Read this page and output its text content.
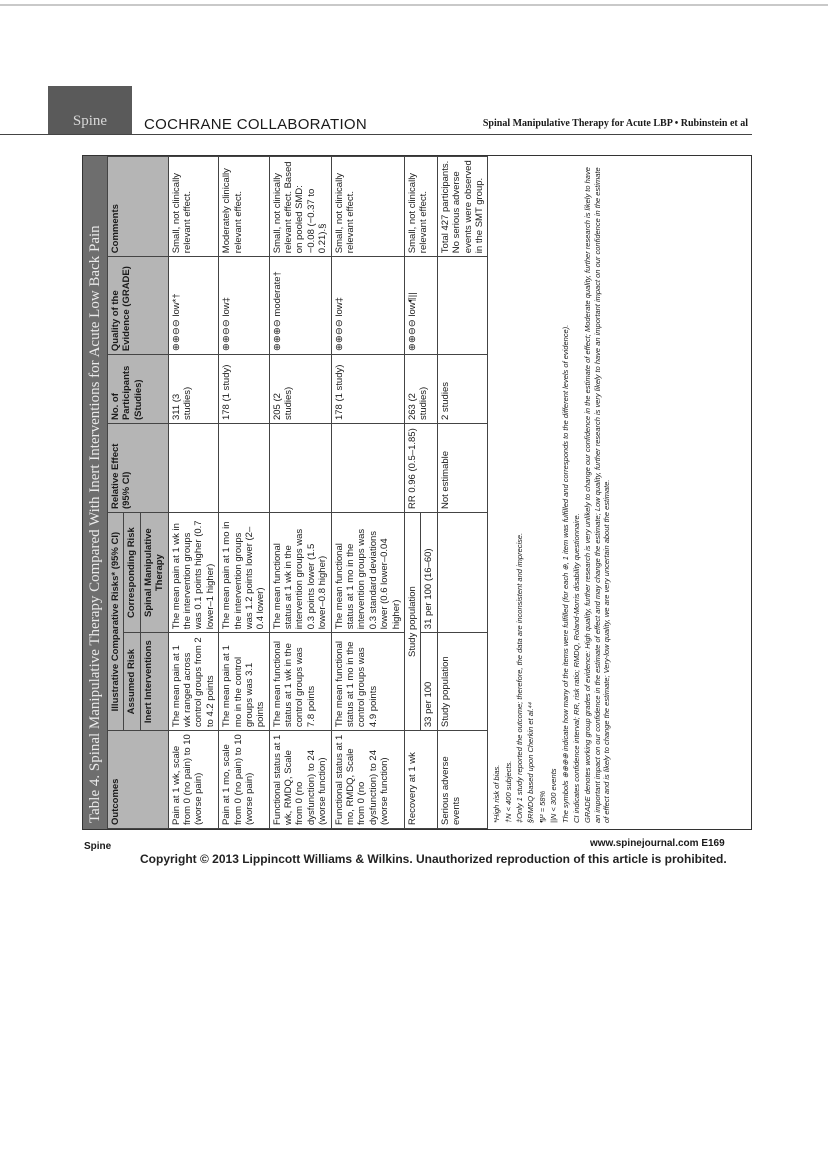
Spine	COCHRANE COLLABORATION	Spinal Manipulative Therapy for Acute LBP • Rubinstein et al
Table 4. Spinal Manipulative Therapy Compared With Inert Interventions for Acute Low Back Pain Outcomes	Illustrative Comparative Risks* (95% CI)		Relative Effect (95% CI)	No. of Participants (Studies)	Quality of the Evidence (GRADE)	Comments
	Assumed Risk	Corresponding Risk				
	Inert Interventions	Spinal Manipulative Therapy				
Pain at 1 wk, scale from 0 (no pain) to 10 (worse pain)	The mean pain at 1 wk ranged across control groups from 2 to 4.2 points	The mean pain at 1 wk in the intervention groups was 0.1 points higher (0.7 lower–1 higher)		311 (3 studies)	⊕⊕⊖⊖ low*†	Small, not clinically relevant effect.
Pain at 1 mo, scale from 0 (no pain) to 10 (worse pain)	The mean pain at 1 mo in the control groups was 3.1 points	The mean pain at 1 mo in the intervention groups was 1.2 points lower (2–0.4 lower)		178 (1 study)	⊕⊕⊖⊖ low‡	Moderately clinically relevant effect.
Functional status at 1 wk, RMDQ, Scale from 0 (no dysfunction) to 24 (worse function)	The mean functional status at 1 wk in the control groups was 7.8 points	The mean functional status at 1 wk in the intervention groups was 0.3 points lower (1.5 lower–0.8 higher)		205 (2 studies)	⊕⊕⊕⊖ moderate†	Small, not clinically relevant effect. Based on pooled SMD: −0.08 (−0.37 to 0.21).§
Functional status at 1 mo, RMDQ, Scale from 0 (no dysfunction) to 24 (worse function)	The mean functional status at 1 mo in the control groups was 4.9 points	The mean functional status at 1 mo in the intervention groups was 0.3 standard deviations lower (0.6 lower–0.04 higher)		178 (1 study)	⊕⊕⊖⊖ low‡	Small, not clinically relevant effect.
Recovery at 1 wk	Study population		RR 0.96 (0.5–1.85)	263 (2 studies)	⊕⊕⊖⊖ low¶||	Small, not clinically relevant effect.
	33 per 100	31 per 100 (16–60)				
Serious adverse events	Study population		Not estimable	2 studies		Total 427 participants. No serious adverse events were observed in the SMT group.
*High risk of bias. †N < 400 subjects. ‡Only 1 study reported the outcome; therefore, the data are inconsistent and imprecise. §RMDQ based upon Cherkin et al.⁴⁴ ¶I² = 58% ||N < 300 events The symbols ⊕⊕⊕⊕ indicate how many of the items were fulfilled (for each ⊕, 1 item was fulfilled and corresponds to the different levels of evidence). CI indicates confidence interval; RR, risk ratio; RMDQ, Roland-Morris disability questionnaire. GRADE denotes working group grades of evidence: High quality, further research is very unlikely to change our confidence in the estimate of effect; Moderate quality, further research is likely to have an important impact on our confidence in the estimate of effect and may change the estimate; Low quality, further research is very likely to have an important impact on our confidence in the estimate of effect and is likely to change the estimate; Very-low quality, we are very uncertain about the estimate.
Spine	www.spinejournal.com E169
Copyright © 2013 Lippincott Williams & Wilkins. Unauthorized reproduction of this article is prohibited.
